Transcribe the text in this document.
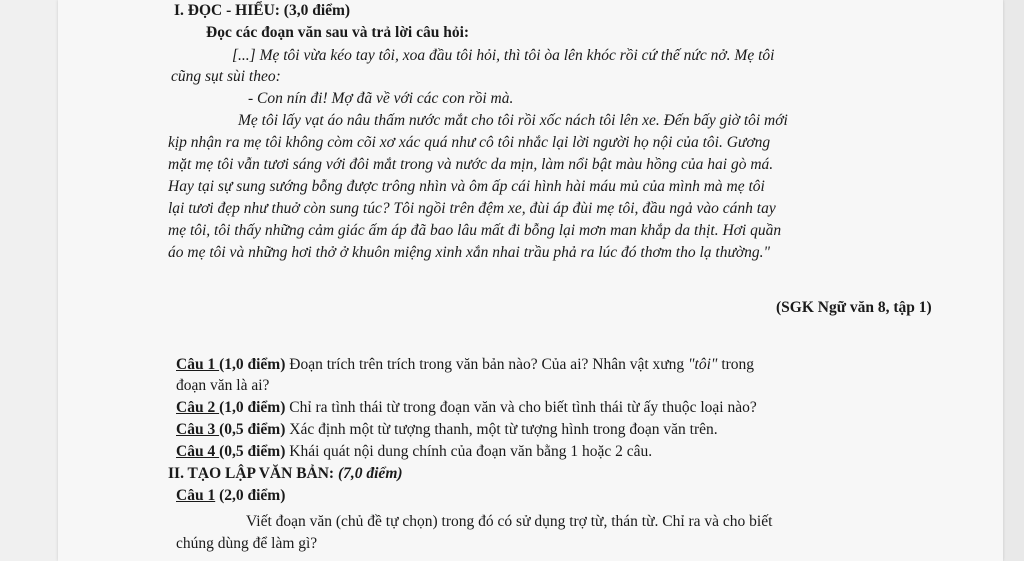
I. ĐỌC - HIỂU: (3,0 điểm)
Đọc các đoạn văn sau và trả lời câu hỏi:
[...] Mẹ tôi vừa kéo tay tôi, xoa đầu tôi hỏi, thì tôi òa lên khóc rồi cứ thế nức nở. Mẹ tôi
cũng sụt sùi theo:
- Con nín đi! Mợ đã về với các con rồi mà.
Mẹ tôi lấy vạt áo nâu thấm nước mắt cho tôi rồi xốc nách tôi lên xe. Đến bấy giờ tôi mới
kịp nhận ra mẹ tôi không còm cõi xơ xác quá như cô tôi nhắc lại lời người họ nội của tôi. Gương
mặt mẹ tôi vẫn tươi sáng với đôi mắt trong và nước da mịn, làm nổi bật màu hồng của hai gò má.
Hay tại sự sung sướng bỗng được trông nhìn và ôm ấp cái hình hài máu mủ của mình mà mẹ tôi
lại tươi đẹp như thuở còn sung túc? Tôi ngồi trên đệm xe, đùi áp đùi mẹ tôi, đầu ngả vào cánh tay
mẹ tôi, tôi thấy những cảm giác ấm áp đã bao lâu mất đi bỗng lại mơn man khắp da thịt. Hơi quần
áo mẹ tôi và những hơi thở ở khuôn miệng xinh xắn nhai trầu phả ra lúc đó thơm tho lạ thường."
(SGK Ngữ văn 8, tập 1)
Câu 1 (1,0 điểm) Đoạn trích trên trích trong văn bản nào? Của ai? Nhân vật xưng "tôi" trong
đoạn văn là ai?
Câu 2 (1,0 điểm) Chỉ ra tình thái từ trong đoạn văn và cho biết tình thái từ ấy thuộc loại nào?
Câu 3 (0,5 điểm) Xác định một từ tượng thanh, một từ tượng hình trong đoạn văn trên.
Câu 4 (0,5 điểm) Khái quát nội dung chính của đoạn văn bằng 1 hoặc 2 câu.
II. TẠO LẬP VĂN BẢN: (7,0 điểm)
Câu 1 (2,0 điểm)
Viết đoạn văn (chủ đề tự chọn) trong đó có sử dụng trợ từ, thán từ. Chỉ ra và cho biết
chúng dùng để làm gì?
